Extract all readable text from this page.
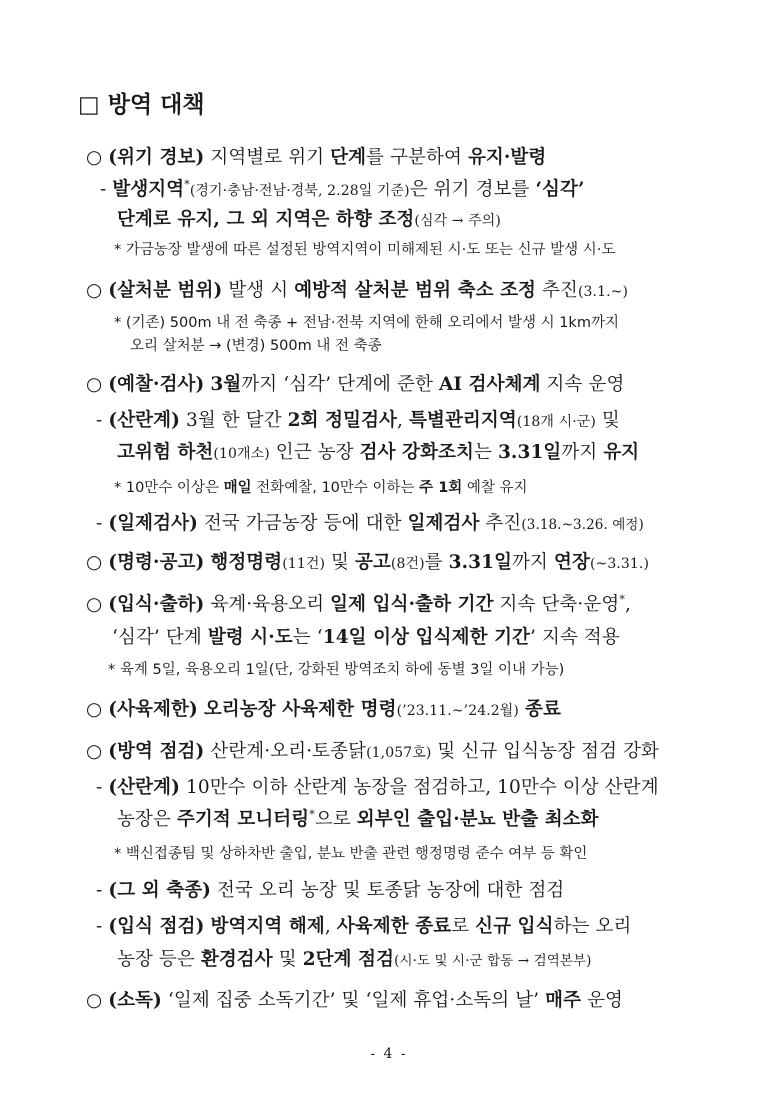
□ 방역 대책
○ (위기 경보) 지역별로 위기 단계를 구분하여 유지·발령
- 발생지역*(경기·충남·전남·경북, 2.28일 기준)은 위기 경보를 ‘심각’
단계로 유지, 그 외 지역은 하향 조정(심각 → 주의)
* 가금농장 발생에 따른 설정된 방역지역이 미해제된 시·도 또는 신규 발생 시·도
○ (살처분 범위) 발생 시 예방적 살처분 범위 축소 조정 추진(3.1.~)
* (기존) 500m 내 전 축종 + 전남·전북 지역에 한해 오리에서 발생 시 1km까지
오리 살처분 → (변경) 500m 내 전 축종
○ (예찰·검사) 3월까지 ‘심각’ 단계에 준한 AI 검사체계 지속 운영
- (산란계) 3월 한 달간 2회 정밀검사, 특별관리지역(18개 시·군) 및
고위험 하천(10개소) 인근 농장 검사 강화조치는 3.31일까지 유지
* 10만수 이상은 매일 전화예찰, 10만수 이하는 주 1회 예찰 유지
- (일제검사) 전국 가금농장 등에 대한 일제검사 추진(3.18.~3.26. 예정)
○ (명령·공고) 행정명령(11건) 및 공고(8건)를 3.31일까지 연장(~3.31.)
○ (입식·출하) 육계·육용오리 일제 입식·출하 기간 지속 단축·운영*,
‘심각’ 단계 발령 시·도는 ‘14일 이상 입식제한 기간’ 지속 적용
* 육계 5일, 육용오리 1일(단, 강화된 방역조치 하에 동별 3일 이내 가능)
○ (사육제한) 오리농장 사육제한 명령(’23.11.~’24.2월) 종료
○ (방역 점검) 산란계·오리·토종닭(1,057호) 및 신규 입식농장 점검 강화
- (산란계) 10만수 이하 산란계 농장을 점검하고, 10만수 이상 산란계
농장은 주기적 모니터링*으로 외부인 출입·분뇨 반출 최소화
* 백신접종팀 및 상하차반 출입, 분뇨 반출 관련 행정명령 준수 여부 등 확인
- (그 외 축종) 전국 오리 농장 및 토종닭 농장에 대한 점검
- (입식 점검) 방역지역 해제, 사육제한 종료로 신규 입식하는 오리
농장 등은 환경검사 및 2단계 점검(시·도 및 시·군 합동 → 검역본부)
○ (소독) ‘일제 집중 소독기간’ 및 ‘일제 휴업·소독의 날’ 매주 운영
- 4 -
